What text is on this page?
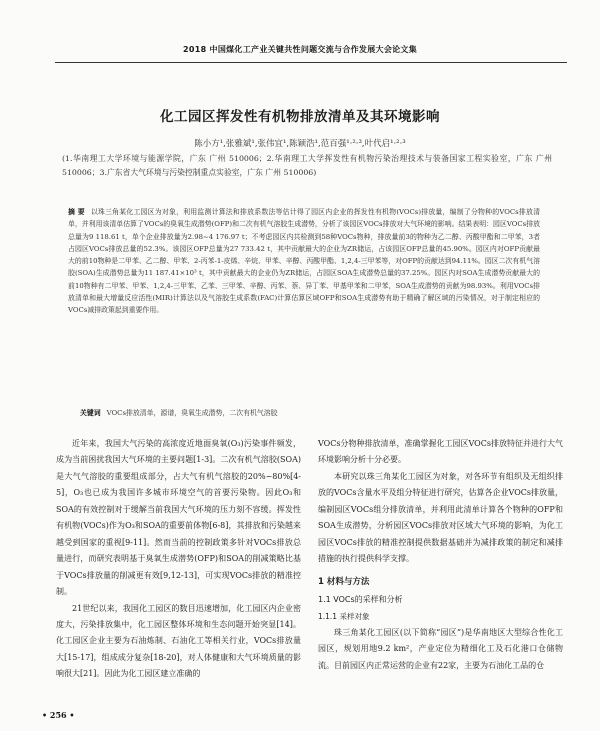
2018 中国煤化工产业关键共性问题交流与合作发展大会论文集
化工园区挥发性有机物排放清单及其环境影响
陈小方¹,张雅斌¹,张伟宜¹,陈颖浩¹,范百强¹·²·³,叶代启¹·²·³
(1.华南理工大学环境与能源学院，广东 广州 510006；2.华南理工大学挥发性有机物污染治理技术与装备国家工程实验室，广东 广州 510006；3.广东省大气环境与污染控制重点实验室，广东 广州 510006)
摘 要 以珠三角某化工园区为对象，利用监测计算法和排放系数法等估计得了园区内企业的挥发性有机物(VOCs)排放量，编制了分物种的VOCs排放清单，并利用该清单估算了VOCs的臭氧生成潜势(OFP)和二次有机气溶胶生成潜势，分析了该园区VOCs排放对大气环境的影响。结果表明：园区VOCs排放总量为9 118.61 t，单个企业排放量为2.98~4 176.97 t；不考虑园区内共检测到58种VOCs物种，排放量前3的物种为乙二醇、丙酸甲酯和二甲苯，3者占园区VOCs排放总量的52.3%。该园区OFP总量为27 733.42 t，其中贡献最大的企业为ZR储运，占该园区OFP总量的45.90%。园区内对OFP贡献最大的前10物种是二甲苯、乙二醇、甲苯、2-丙苯-1-皮烯、辛烷、甲苯、辛醇、丙酸甲酯、1,2,4-三甲苯等，对OFP的贡献达到94.11%。园区二次有机气溶胶(SOA)生成潜势总量为11 187.41×10³ t，其中贡献最大的企业仍为ZR储运，占园区SOA生成潜势总量的37.25%。园区内对SOA生成潜势贡献最大的前10物种有二甲苯、甲苯、1,2,4-三甲苯、乙苯、三甲苯、辛醇、丙苯、萘、异丁苯、甲基甲苯和二甲苯，SOA生成潜势的贡献为98.93%。利用VOCs排放清单和最大增量反应活性(MIR)计算法以及气溶胶生成系数(FAC)计算估算区域OFP和SOA生成潜势有助于精确了解区域的污染情况，对于制定相应的VOCs减排政策起到重要作用。
关键词 VOCs排放清单，源谱，臭氧生成潜势，二次有机气溶胶

近年来，我国大气污染的高浓度近地面臭氧(O₃)污染事件频发，成为当前困扰我国大气环境的主要问题[1-3]。二次有机气溶胶(SOA)是大气气溶胶的重要组成部分，占大气有机气溶胶的20%~80%[4-5]，O₃也已成为我国许多城市环境空气的首要污染物。因此O₃和SOA的有效控制对于缓解当前我国大气环境的压力刻不容缓。挥发性有机物(VOCs)作为O₃和SOA的重要前体物[6-8]，其排放和污染越来越受到国家的重视[9-11]。然而当前的控制政策多针对VOCs排放总量进行，而研究表明基于臭氧生成潜势(OFP)和SOA的削减策略比基于VOCs排放量的削减更有效[9,12-13]，可实现VOCs排放的精准控制。

21世纪以来，我国化工园区的数目迅速增加，化工园区内企业密度大，污染排放集中，化工园区整体环境和生态问题开始突显[14]。化工园区企业主要为石油炼制、石油化工等相关行业，VOCs排放量大[15-17]，组成成分复杂[18-20]，对人体健康和大气环境质量的影响很大[21]。因此为化工园区建立准确的

VOCs分物种排放清单，准确掌握化工园区VOCs排放特征并进行大气环境影响分析十分必要。

本研究以珠三角某化工园区为对象，对各环节有组织及无组织排放的VOCs含量水平及组分特征进行研究，估算各企业VOCs排放量，编制园区VOCs组分排放清单，并利用此清单计算各个物种的OFP和SOA生成潜势，分析园区VOCs排放对区域大气环境的影响，为化工园区VOCs排放的精准控制提供数据基础并为减排政策的制定和减排措施的执行提供科学支撑。

1 材料与方法
1.1 VOCs的采样和分析
1.1.1 采样对象

珠三角某化工园区(以下简称“园区”)是华南地区大型综合性化工园区，规划用地9.2 km²，产业定位为精细化工及石化港口仓储物流。目前园区内正常运营的企业有22家，主要为石油化工品的仓

• 256 •
